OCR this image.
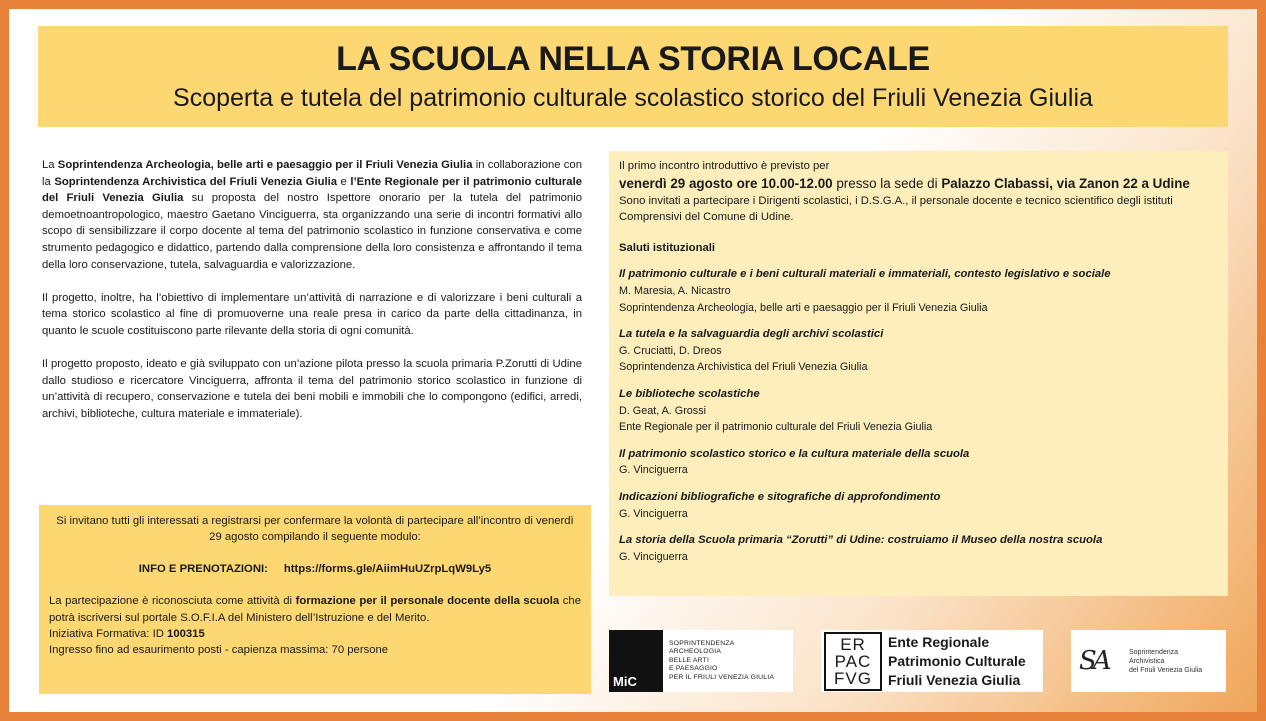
LA SCUOLA NELLA STORIA LOCALE
Scoperta e tutela del patrimonio culturale scolastico storico del Friuli Venezia Giulia

La Soprintendenza Archeologia, belle arti e paesaggio per il Friuli Venezia Giulia in collaborazione con la Soprintendenza Archivistica del Friuli Venezia Giulia e l’Ente Regionale per il patrimonio culturale del Friuli Venezia Giulia su proposta del nostro Ispettore onorario per la tutela del patrimonio demoetnoantropologico, maestro Gaetano Vinciguerra, sta organizzando una serie di incontri formativi allo scopo di sensibilizzare il corpo docente al tema del patrimonio scolastico in funzione conservativa e come strumento pedagogico e didattico, partendo dalla comprensione della loro consistenza e affrontando il tema della loro conservazione, tutela, salvaguardia e valorizzazione.

Il progetto, inoltre, ha l’obiettivo di implementare un’attività di narrazione e di valorizzare i beni culturali a tema storico scolastico al fine di promuoverne una reale presa in carico da parte della cittadinanza, in quanto le scuole costituiscono parte rilevante della storia di ogni comunità.

Il progetto proposto, ideato e già sviluppato con un’azione pilota presso la scuola primaria P.Zorutti di Udine dallo studioso e ricercatore Vinciguerra, affronta il tema del patrimonio storico scolastico in funzione di un’attività di recupero, conservazione e tutela dei beni mobili e immobili che lo compongono (edifici, arredi, archivi, biblioteche, cultura materiale e immateriale).

Si invitano tutti gli interessati a registrarsi per confermare la volontà di partecipare all’incontro di venerdì 29 agosto compilando il seguente modulo:
INFO E PRENOTAZIONI: https://forms.gle/AiimHuUZrpLqW9Ly5
La partecipazione è riconosciuta come attività di formazione per il personale docente della scuola che potrà iscriversi sul portale S.O.F.I.A del Ministero dell’Istruzione e del Merito.
Iniziativa Formativa: ID 100315
Ingresso fino ad esaurimento posti - capienza massima: 70 persone
Il primo incontro introduttivo è previsto per
venerdì 29 agosto ore 10.00-12.00 presso la sede di Palazzo Clabassi, via Zanon 22 a Udine
Sono invitati a partecipare i Dirigenti scolastici, i D.S.G.A., il personale docente e tecnico scientifico degli istituti Comprensivi del Comune di Udine.
Saluti istituzionali
Il patrimonio culturale e i beni culturali materiali e immateriali, contesto legislativo e sociale
M. Maresia, A. Nicastro
Soprintendenza Archeologia, belle arti e paesaggio per il Friuli Venezia Giulia
La tutela e la salvaguardia degli archivi scolastici
G. Cruciatti, D. Dreos
Soprintendenza Archivistica del Friuli Venezia Giulia
Le biblioteche scolastiche
D. Geat, A. Grossi
Ente Regionale per il patrimonio culturale del Friuli Venezia Giulia
Il patrimonio scolastico storico e la cultura materiale della scuola
G. Vinciguerra
Indicazioni bibliografiche e sitografiche di approfondimento
G. Vinciguerra
La storia della Scuola primaria “Zorutti” di Udine: costruiamo il Museo della nostra scuola
G. Vinciguerra
MiC
SOPRINTENDENZA
ARCHEOLOGIA
BELLE ARTI
E PAESAGGIO
PER IL FRIULI VENEZIA GIULIA
ER
PAC
FVG
Ente Regionale
Patrimonio Culturale
Friuli Venezia Giulia
SA	Soprintendenza
Archivistica
del Friuli Venezia Giulia
